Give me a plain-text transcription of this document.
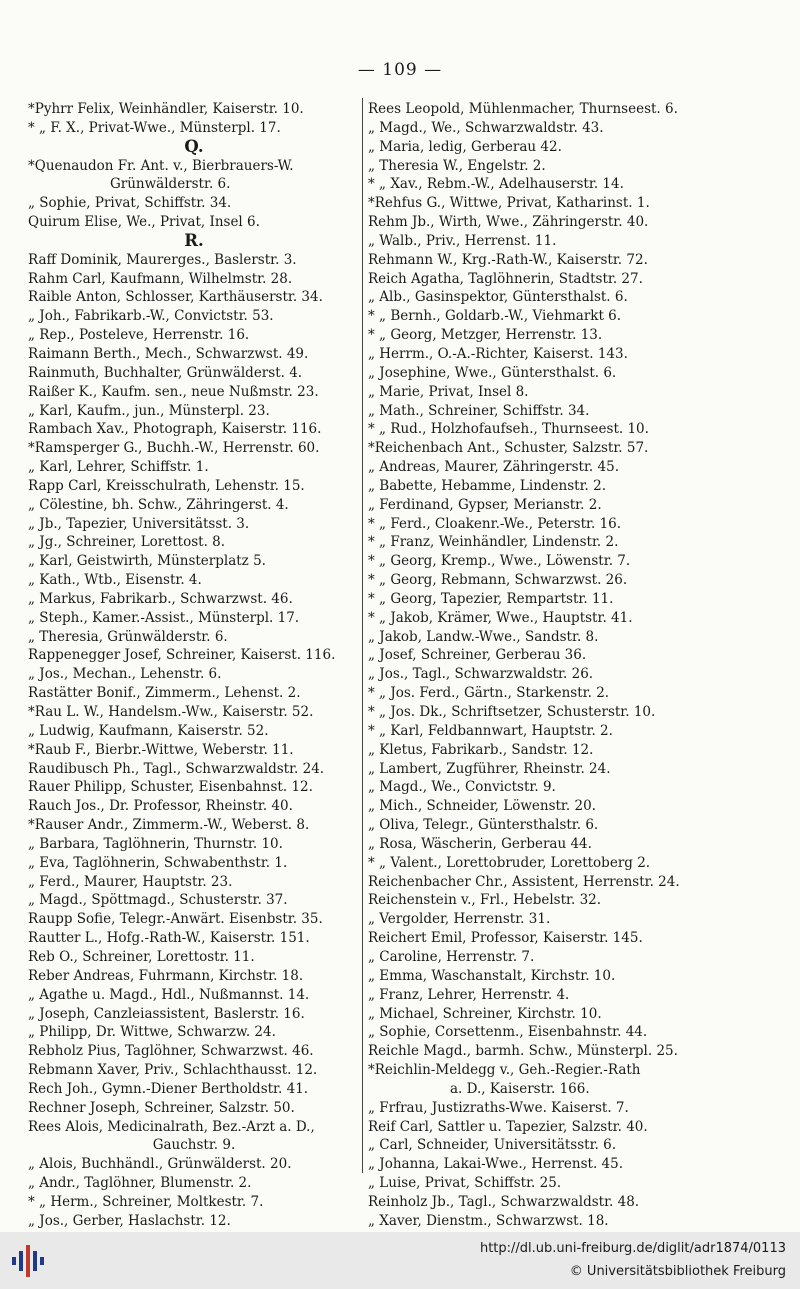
— 109 —
*Pyhrr Felix, Weinhändler, Kaiserstr. 10.
* „ F. X., Privat-Wwe., Münsterpl. 17.
Q.
*Quenaudon Fr. Ant. v., Bierbrauers-W.
Grünwälderstr. 6.
„ Sophie, Privat, Schiffstr. 34.
Quirum Elise, We., Privat, Insel 6.
R.
Raff Dominik, Maurerges., Baslerstr. 3.
Rahm Carl, Kaufmann, Wilhelmstr. 28.
Raible Anton, Schlosser, Karthäuserstr. 34.
„ Joh., Fabrikarb.-W., Convictstr. 53.
„ Rep., Posteleve, Herrenstr. 16.
Raimann Berth., Mech., Schwarzwst. 49.
Rainmuth, Buchhalter, Grünwälderst. 4.
Raißer K., Kaufm. sen., neue Nußmstr. 23.
„ Karl, Kaufm., jun., Münsterpl. 23.
Rambach Xav., Photograph, Kaiserstr. 116.
*Ramsperger G., Buchh.-W., Herrenstr. 60.
„ Karl, Lehrer, Schiffstr. 1.
Rapp Carl, Kreisschulrath, Lehenstr. 15.
„ Cölestine, bh. Schw., Zähringerst. 4.
„ Jb., Tapezier, Universitätsst. 3.
„ Jg., Schreiner, Lorettost. 8.
„ Karl, Geistwirth, Münsterplatz 5.
„ Kath., Wtb., Eisenstr. 4.
„ Markus, Fabrikarb., Schwarzwst. 46.
„ Steph., Kamer.-Assist., Münsterpl. 17.
„ Theresia, Grünwälderstr. 6.
Rappenegger Josef, Schreiner, Kaiserst. 116.
„ Jos., Mechan., Lehenstr. 6.
Rastätter Bonif., Zimmerm., Lehenst. 2.
*Rau L. W., Handelsm.-Ww., Kaiserstr. 52.
„ Ludwig, Kaufmann, Kaiserstr. 52.
*Raub F., Bierbr.-Wittwe, Weberstr. 11.
Raudibusch Ph., Tagl., Schwarzwaldstr. 24.
Rauer Philipp, Schuster, Eisenbahnst. 12.
Rauch Jos., Dr. Professor, Rheinstr. 40.
*Rauser Andr., Zimmerm.-W., Weberst. 8.
„ Barbara, Taglöhnerin, Thurnstr. 10.
„ Eva, Taglöhnerin, Schwabenthstr. 1.
„ Ferd., Maurer, Hauptstr. 23.
„ Magd., Spöttmagd., Schusterstr. 37.
Raupp Sofie, Telegr.-Anwärt. Eisenbstr. 35.
Rautter L., Hofg.-Rath-W., Kaiserstr. 151.
Reb O., Schreiner, Lorettostr. 11.
Reber Andreas, Fuhrmann, Kirchstr. 18.
„ Agathe u. Magd., Hdl., Nußmannst. 14.
„ Joseph, Canzleiassistent, Baslerstr. 16.
„ Philipp, Dr. Wittwe, Schwarzw. 24.
Rebholz Pius, Taglöhner, Schwarzwst. 46.
Rebmann Xaver, Priv., Schlachthausst. 12.
Rech Joh., Gymn.-Diener Bertholdstr. 41.
Rechner Joseph, Schreiner, Salzstr. 50.
Rees Alois, Medicinalrath, Bez.-Arzt a. D.,
Gauchstr. 9.
„ Alois, Buchhändl., Grünwälderst. 20.
„ Andr., Taglöhner, Blumenstr. 2.
* „ Herm., Schreiner, Moltkestr. 7.
„ Jos., Gerber, Haslachstr. 12.
Rees Leopold, Mühlenmacher, Thurnseest. 6.
„ Magd., We., Schwarzwaldstr. 43.
„ Maria, ledig, Gerberau 42.
„ Theresia W., Engelstr. 2.
* „ Xav., Rebm.-W., Adelhauserstr. 14.
*Rehfus G., Wittwe, Privat, Katharinst. 1.
Rehm Jb., Wirth, Wwe., Zähringerstr. 40.
„ Walb., Priv., Herrenst. 11.
Rehmann W., Krg.-Rath-W., Kaiserstr. 72.
Reich Agatha, Taglöhnerin, Stadtstr. 27.
„ Alb., Gasinspektor, Güntersthalst. 6.
* „ Bernh., Goldarb.-W., Viehmarkt 6.
* „ Georg, Metzger, Herrenstr. 13.
„ Herrm., O.-A.-Richter, Kaiserst. 143.
„ Josephine, Wwe., Güntersthalst. 6.
„ Marie, Privat, Insel 8.
„ Math., Schreiner, Schiffstr. 34.
* „ Rud., Holzhofaufseh., Thurnseest. 10.
*Reichenbach Ant., Schuster, Salzstr. 57.
„ Andreas, Maurer, Zähringerstr. 45.
„ Babette, Hebamme, Lindenstr. 2.
„ Ferdinand, Gypser, Merianstr. 2.
* „ Ferd., Cloakenr.-We., Peterstr. 16.
* „ Franz, Weinhändler, Lindenstr. 2.
* „ Georg, Kremp., Wwe., Löwenstr. 7.
* „ Georg, Rebmann, Schwarzwst. 26.
* „ Georg, Tapezier, Rempartstr. 11.
* „ Jakob, Krämer, Wwe., Hauptstr. 41.
„ Jakob, Landw.-Wwe., Sandstr. 8.
„ Josef, Schreiner, Gerberau 36.
„ Jos., Tagl., Schwarzwaldstr. 26.
* „ Jos. Ferd., Gärtn., Starkenstr. 2.
* „ Jos. Dk., Schriftsetzer, Schusterstr. 10.
* „ Karl, Feldbannwart, Hauptstr. 2.
„ Kletus, Fabrikarb., Sandstr. 12.
„ Lambert, Zugführer, Rheinstr. 24.
„ Magd., We., Convictstr. 9.
„ Mich., Schneider, Löwenstr. 20.
„ Oliva, Telegr., Güntersthalstr. 6.
„ Rosa, Wäscherin, Gerberau 44.
* „ Valent., Lorettobruder, Lorettoberg 2.
Reichenbacher Chr., Assistent, Herrenstr. 24.
Reichenstein v., Frl., Hebelstr. 32.
„ Vergolder, Herrenstr. 31.
Reichert Emil, Professor, Kaiserstr. 145.
„ Caroline, Herrenstr. 7.
„ Emma, Waschanstalt, Kirchstr. 10.
„ Franz, Lehrer, Herrenstr. 4.
„ Michael, Schreiner, Kirchstr. 10.
„ Sophie, Corsettenm., Eisenbahnstr. 44.
Reichle Magd., barmh. Schw., Münsterpl. 25.
*Reichlin-Meldegg v., Geh.-Regier.-Rath
a. D., Kaiserstr. 166.
„ Frfrau, Justizraths-Wwe. Kaiserst. 7.
Reif Carl, Sattler u. Tapezier, Salzstr. 40.
„ Carl, Schneider, Universitätsstr. 6.
„ Johanna, Lakai-Wwe., Herrenst. 45.
„ Luise, Privat, Schiffstr. 25.
Reinholz Jb., Tagl., Schwarzwaldstr. 48.
„ Xaver, Dienstm., Schwarzwst. 18.
http://dl.ub.uni-freiburg.de/diglit/adr1874/0113
© Universitätsbibliothek Freiburg
